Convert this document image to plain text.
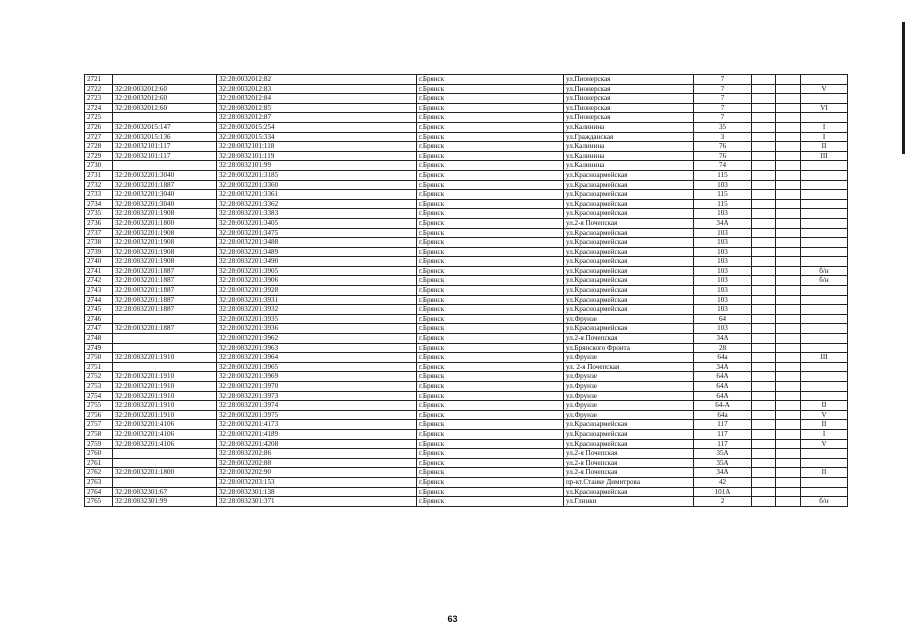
2721		32:28:0032012:82	г.Брянск	ул.Пионерская	7			
2722	32:28:0032012:60	32:28:0032012:83	г.Брянск	ул.Пионерская	7			V
2723	32:28:0032012:60	32:28:0032012:84	г.Брянск	ул.Пионерская	7			
2724	32:28:0032012:60	32:28:0032012:85	г.Брянск	ул.Пионерская	7			VI
2725		32:28:0032012:87	г.Брянск	ул.Пионерская	7			
2726	32:28:0032015:147	32:28:0032015:254	г.Брянск	ул.Калинина	35			I
2727	32:28:0032015:136	32:28:0032015:334	г.Брянск	ул.Гражданская	3			I
2728	32:28:0032101:117	32:28:0032101:118	г.Брянск	ул.Калинина	76			II
2729	32:28:0032101:117	32:28:0032101:119	г.Брянск	ул.Калинина	76			III
2730		32:28:0032101:99	г.Брянск	ул.Калинина	74			
2731	32:28:0032201:3040	32:28:0032201:3185	г.Брянск	ул.Красноармейская	115			
2732	32:28:0032201:1887	32:28:0032201:3360	г.Брянск	ул.Красноармейская	103			
2733	32:28:0032201:3040	32:28:0032201:3361	г.Брянск	ул.Красноармейская	115			
2734	32:28:0032201:3040	32:28:0032201:3362	г.Брянск	ул.Красноармейская	115			
2735	32:28:0032201:1908	32:28:0032201:3383	г.Брянск	ул.Красноармейская	103			
2736	32:28:0032201:1800	32:28:0032201:3405	г.Брянск	ул.2-я Почепская	34А			
2737	32:28:0032201:1908	32:28:0032201:3475	г.Брянск	ул.Красноармейская	103			
2738	32:28:0032201:1908	32:28:0032201:3488	г.Брянск	ул.Красноармейская	103			
2739	32:28:0032201:1908	32:28:0032201:3489	г.Брянск	ул.Красноармейская	103			
2740	32:28:0032201:1908	32:28:0032201:3490	г.Брянск	ул.Красноармейская	103			
2741	32:28:0032201:1887	32:28:0032201:3905	г.Брянск	ул.Красноармейская	103			б/н
2742	32:28:0032201:1887	32:28:0032201:3906	г.Брянск	ул.Красноармейская	103			б/н
2743	32:28:0032201:1887	32:28:0032201:3928	г.Брянск	ул.Красноармейская	103			
2744	32:28:0032201:1887	32:28:0032201:3931	г.Брянск	ул.Красноармейская	103			
2745	32:28:0032201:1887	32:28:0032201:3932	г.Брянск	ул.Красноармейская	103			
2746		32:28:0032201:3935	г.Брянск	ул.Фрунзе	64			
2747	32:28:0032201:1887	32:28:0032201:3936	г.Брянск	ул.Красноармейская	103			
2748		32:28:0032201:3962	г.Брянск	ул.2-я Почепская	34А			
2749		32:28:0032201:3963	г.Брянск	ул.Брянского Фронта	28			
2750	32:28:0032201:1910	32:28:0032201:3964	г.Брянск	ул.Фрунзе	64а			III
2751		32:28:0032201:3965	г.Брянск	ул. 2-я Почепская	34А			
2752	32:28:0032201:1910	32:28:0032201:3969	г.Брянск	ул.Фрунзе	64А			
2753	32:28:0032201:1910	32:28:0032201:3970	г.Брянск	ул.Фрунзе	64А			
2754	32:28:0032201:1910	32:28:0032201:3973	г.Брянск	ул.Фрунзе	64А			
2755	32:28:0032201:1910	32:28:0032201:3974	г.Брянск	ул.Фрунзе	64-А			II
2756	32:28:0032201:1910	32:28:0032201:3975	г.Брянск	ул.Фрунзе	64а			V
2757	32:28:0032201:4106	32:28:0032201:4173	г.Брянск	ул.Красноармейская	117			II
2758	32:28:0032201:4106	32:28:0032201:4189	г.Брянск	ул.Красноармейская	117			I
2759	32:28:0032201:4106	32:28:0032201:4208	г.Брянск	ул.Красноармейская	117			V
2760		32:28:0032202:86	г.Брянск	ул.2-я Почепская	35А			
2761		32:28:0032202:88	г.Брянск	ул.2-я Почепская	35А			
2762	32:28:0032201:1800	32:28:0032202:90	г.Брянск	ул.2-я Почепская	34А			II
2763		32:28:0032203:153	г.Брянск	пр-кт.Станке Димитрова	42			
2764	32:28:0032301:67	32:28:0032301:138	г.Брянск	ул.Красноармейская	101А			
2765	32:28:0032301:99	32:28:0032301:371	г.Брянск	ул.Глинки	2			б/н
63
